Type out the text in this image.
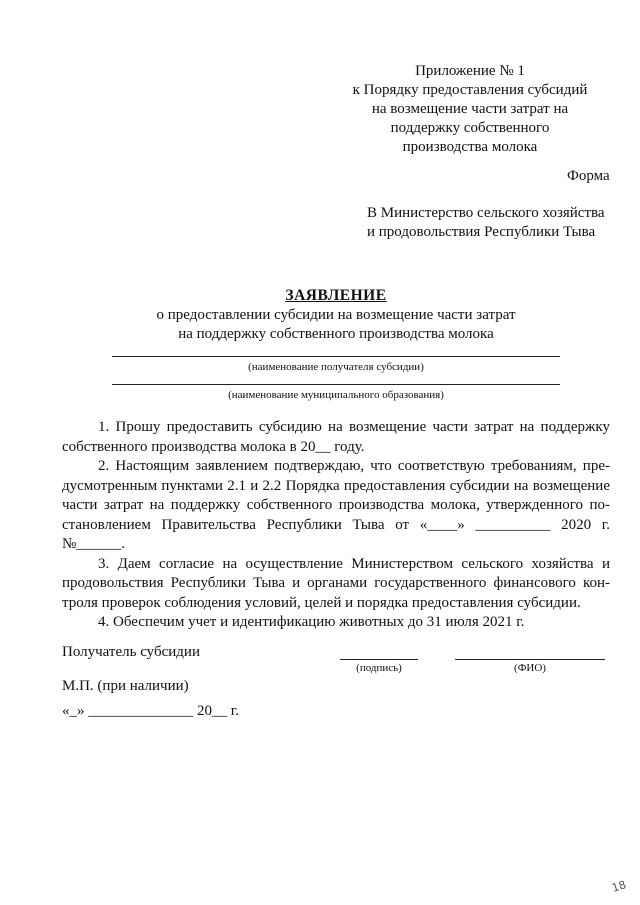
Приложение № 1
к Порядку предоставления субсидий
на возмещение части затрат на
поддержку собственного
производства молока
Форма
В Министерство сельского хозяйства
и продовольствия Республики Тыва
ЗАЯВЛЕНИЕ
о предоставлении субсидии на возмещение части затрат
на поддержку собственного производства молока
(наименование получателя субсидии)
(наименование муниципального образования)

1. Прошу предоставить субсидию на возмещение части затрат на поддержку

собственного производства молока в 20__ году.

2. Настоящим заявлением подтверждаю, что соответствую требованиям, пре-

дусмотренным пунктами 2.1 и 2.2 Порядка предоставления субсидии на возмещение

части затрат на поддержку собственного производства молока, утвержденного по-

становлением Правительства Республики Тыва от «____» __________ 2020 г.

№______.

3. Даем согласие на осуществление Министерством сельского хозяйства и

продовольствия Республики Тыва и органами государственного финансового кон-

троля проверок соблюдения условий, целей и порядка предоставления субсидии.

4. Обеспечим учет и идентификацию животных до 31 июля 2021 г.

Получатель субсидии
(подпись)	(ФИО)
М.П. (при наличии)
«_» ______________ 20__ г.
18
